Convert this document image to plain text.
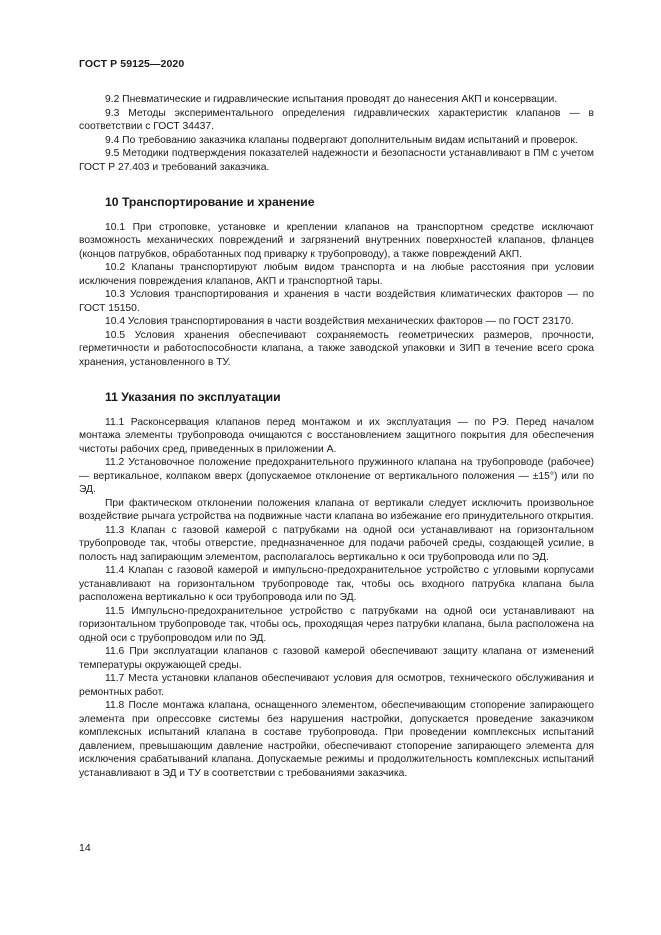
ГОСТ Р 59125—2020

9.2 Пневматические и гидравлические испытания проводят до нанесения АКП и консервации.

9.3 Методы экспериментального определения гидравлических характеристик клапанов — в соответствии с ГОСТ 34437.

9.4 По требованию заказчика клапаны подвергают дополнительным видам испытаний и проверок.

9.5 Методики подтверждения показателей надежности и безопасности устанавливают в ПМ с учетом ГОСТ Р 27.403 и требований заказчика.

10 Транспортирование и хранение

10.1 При строповке, установке и креплении клапанов на транспортном средстве исключают возможность механических повреждений и загрязнений внутренних поверхностей клапанов, фланцев (концов патрубков, обработанных под приварку к трубопроводу), а также повреждений АКП.

10.2 Клапаны транспортируют любым видом транспорта и на любые расстояния при условии исключения повреждения клапанов, АКП и транспортной тары.

10.3 Условия транспортирования и хранения в части воздействия климатических факторов — по ГОСТ 15150.

10.4 Условия транспортирования в части воздействия механических факторов — по ГОСТ 23170.

10.5 Условия хранения обеспечивают сохраняемость геометрических размеров, прочности, герметичности и работоспособности клапана, а также заводской упаковки и ЗИП в течение всего срока хранения, установленного в ТУ.

11 Указания по эксплуатации

11.1 Расконсервация клапанов перед монтажом и их эксплуатация — по РЭ. Перед началом монтажа элементы трубопровода очищаются с восстановлением защитного покрытия для обеспечения чистоты рабочих сред, приведенных в приложении А.

11.2 Установочное положение предохранительного пружинного клапана на трубопроводе (рабочее) — вертикальное, колпаком вверх (допускаемое отклонение от вертикального положения — ±15°) или по ЭД.

При фактическом отклонении положения клапана от вертикали следует исключить произвольное воздействие рычага устройства на подвижные части клапана во избежание его принудительного открытия.

11.3 Клапан с газовой камерой с патрубками на одной оси устанавливают на горизонтальном трубопроводе так, чтобы отверстие, предназначенное для подачи рабочей среды, создающей усилие, в полость над запирающим элементом, располагалось вертикально к оси трубопровода или по ЭД.

11.4 Клапан с газовой камерой и импульсно-предохранительное устройство с угловыми корпусами устанавливают на горизонтальном трубопроводе так, чтобы ось входного патрубка клапана была расположена вертикально к оси трубопровода или по ЭД.

11.5 Импульсно-предохранительное устройство с патрубками на одной оси устанавливают на горизонтальном трубопроводе так, чтобы ось, проходящая через патрубки клапана, была расположена на одной оси с трубопроводом или по ЭД.

11.6 При эксплуатации клапанов с газовой камерой обеспечивают защиту клапана от изменений температуры окружающей среды.

11.7 Места установки клапанов обеспечивают условия для осмотров, технического обслуживания и ремонтных работ.

11.8 После монтажа клапана, оснащенного элементом, обеспечивающим стопорение запирающего элемента при опрессовке системы без нарушения настройки, допускается проведение заказчиком комплексных испытаний клапана в составе трубопровода. При проведении комплексных испытаний давлением, превышающим давление настройки, обеспечивают стопорение запирающего элемента для исключения срабатываний клапана. Допускаемые режимы и продолжительность комплексных испытаний устанавливают в ЭД и ТУ в соответствии с требованиями заказчика.

14
